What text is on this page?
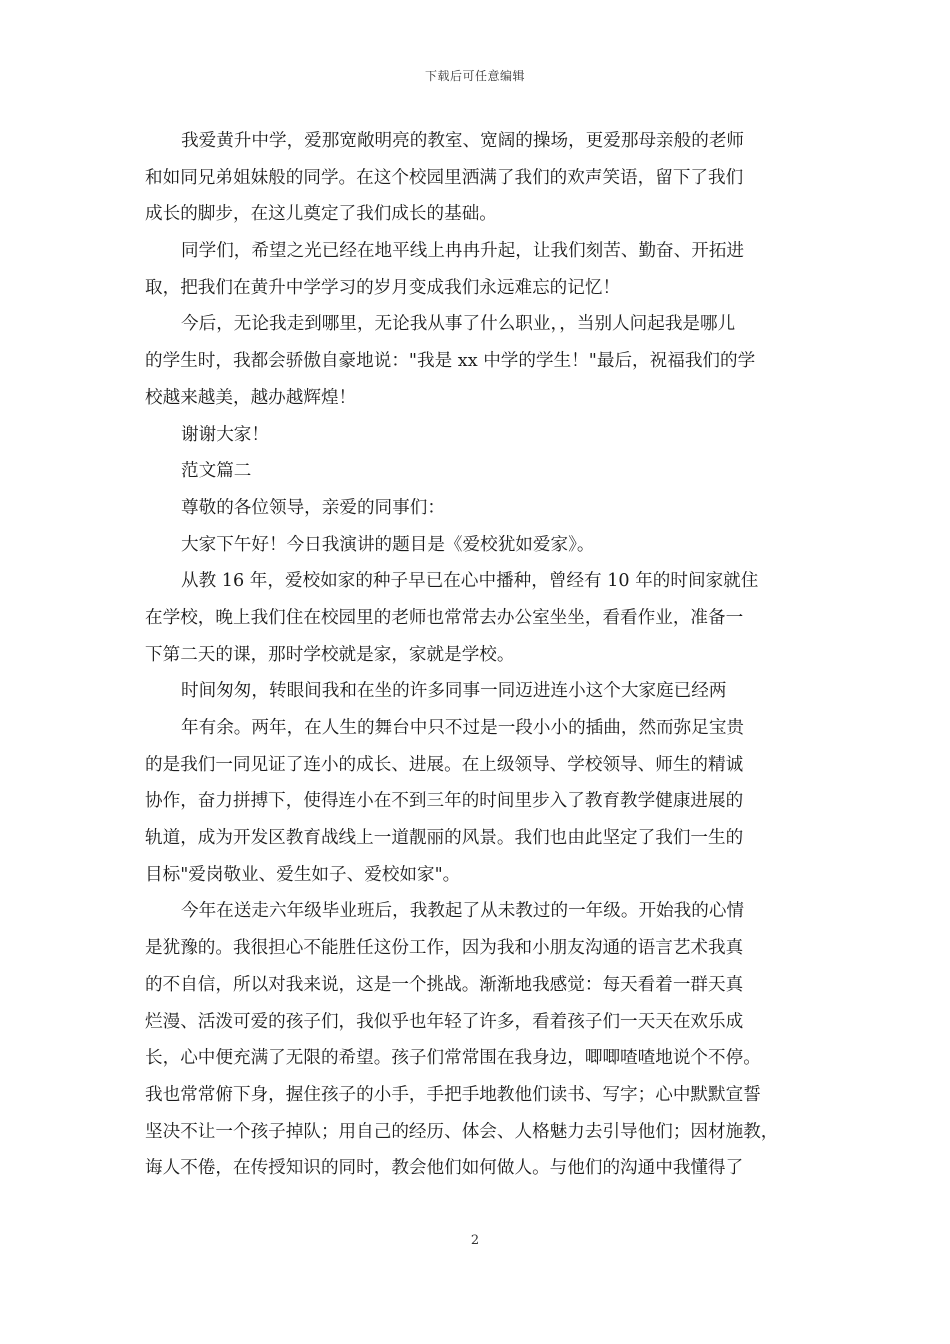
下载后可任意编辑
我爱黄升中学，爱那宽敞明亮的教室、宽阔的操场，更爱那母亲般的老师
和如同兄弟姐妹般的同学。在这个校园里洒满了我们的欢声笑语，留下了我们
成长的脚步，在这儿奠定了我们成长的基础。
同学们，希望之光已经在地平线上冉冉升起，让我们刻苦、勤奋、开拓进
取，把我们在黄升中学学习的岁月变成我们永远难忘的记忆！
今后，无论我走到哪里，无论我从事了什么职业，，当别人问起我是哪儿
的学生时，我都会骄傲自豪地说："我是 xx 中学的学生！"最后，祝福我们的学
校越来越美，越办越辉煌！
谢谢大家！
范文篇二
尊敬的各位领导，亲爱的同事们：
大家下午好！今日我演讲的题目是《爱校犹如爱家》。
从教 16 年，爱校如家的种子早已在心中播种，曾经有 10 年的时间家就住
在学校，晚上我们住在校园里的老师也常常去办公室坐坐，看看作业，准备一
下第二天的课，那时学校就是家，家就是学校。
时间匆匆，转眼间我和在坐的许多同事一同迈进连小这个大家庭已经两
年有余。两年，在人生的舞台中只不过是一段小小的插曲，然而弥足宝贵
的是我们一同见证了连小的成长、进展。在上级领导、学校领导、师生的精诚
协作，奋力拼搏下，使得连小在不到三年的时间里步入了教育教学健康进展的
轨道，成为开发区教育战线上一道靓丽的风景。我们也由此坚定了我们一生的
目标"爱岗敬业、爱生如子、爱校如家"。
今年在送走六年级毕业班后，我教起了从未教过的一年级。开始我的心情
是犹豫的。我很担心不能胜任这份工作，因为我和小朋友沟通的语言艺术我真
的不自信，所以对我来说，这是一个挑战。渐渐地我感觉：每天看着一群天真
烂漫、活泼可爱的孩子们，我似乎也年轻了许多，看着孩子们一天天在欢乐成
长，心中便充满了无限的希望。孩子们常常围在我身边，唧唧喳喳地说个不停。
我也常常俯下身，握住孩子的小手，手把手地教他们读书、写字；心中默默宣誓
坚决不让一个孩子掉队；用自己的经历、体会、人格魅力去引导他们；因材施教，
诲人不倦，在传授知识的同时，教会他们如何做人。与他们的沟通中我懂得了
2
